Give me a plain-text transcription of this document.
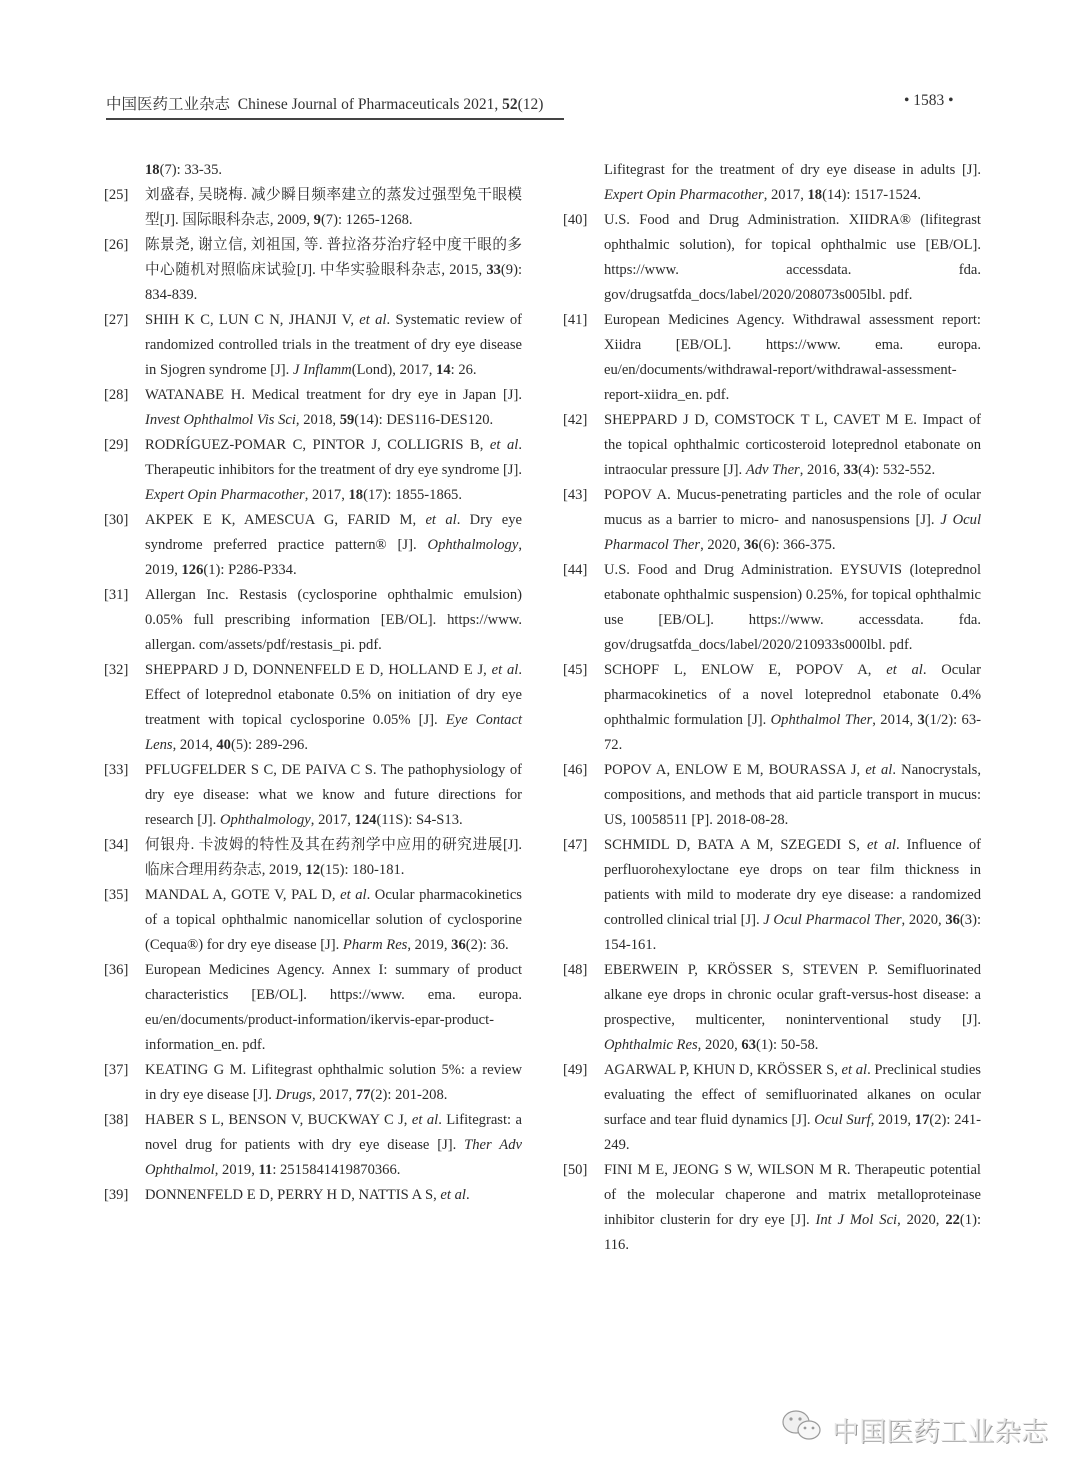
中国医药工业杂志 Chinese Journal of Pharmaceuticals 2021, 52(12)	• 1583 •
18(7): 33-35.
[25] 刘盛春, 吴晓梅. 减少瞬目频率建立的蒸发过强型兔干眼模型[J]. 国际眼科杂志, 2009, 9(7): 1265-1268.
[26] 陈景尧, 谢立信, 刘祖国, 等. 普拉洛芬治疗轻中度干眼的多中心随机对照临床试验[J]. 中华实验眼科杂志, 2015, 33(9): 834-839.
[27] SHIH K C, LUN C N, JHANJI V, et al. Systematic review of randomized controlled trials in the treatment of dry eye disease in Sjogren syndrome [J]. J Inflamm(Lond), 2017, 14: 26.
[28] WATANABE H. Medical treatment for dry eye in Japan [J]. Invest Ophthalmol Vis Sci, 2018, 59(14): DES116-DES120.
[29] RODRÍGUEZ-POMAR C, PINTOR J, COLLIGRIS B, et al. Therapeutic inhibitors for the treatment of dry eye syndrome [J]. Expert Opin Pharmacother, 2017, 18(17): 1855-1865.
[30] AKPEK E K, AMESCUA G, FARID M, et al. Dry eye syndrome preferred practice pattern® [J]. Ophthalmology, 2019, 126(1): P286-P334.
[31] Allergan Inc. Restasis (cyclosporine ophthalmic emulsion) 0.05% full prescribing information [EB/OL]. https://www. allergan. com/assets/pdf/restasis_pi. pdf.
[32] SHEPPARD J D, DONNENFELD E D, HOLLAND E J, et al. Effect of loteprednol etabonate 0.5% on initiation of dry eye treatment with topical cyclosporine 0.05% [J]. Eye Contact Lens, 2014, 40(5): 289-296.
[33] PFLUGFELDER S C, DE PAIVA C S. The pathophysiology of dry eye disease: what we know and future directions for research [J]. Ophthalmology, 2017, 124(11S): S4-S13.
[34] 何银舟. 卡波姆的特性及其在药剂学中应用的研究进展[J]. 临床合理用药杂志, 2019, 12(15): 180-181.
[35] MANDAL A, GOTE V, PAL D, et al. Ocular pharmacokinetics of a topical ophthalmic nanomicellar solution of cyclosporine (Cequa®) for dry eye disease [J]. Pharm Res, 2019, 36(2): 36.
[36] European Medicines Agency. Annex I: summary of product characteristics [EB/OL]. https://www. ema. europa. eu/en/documents/product-information/ikervis-epar-product-information_en. pdf.
[37] KEATING G M. Lifitegrast ophthalmic solution 5%: a review in dry eye disease [J]. Drugs, 2017, 77(2): 201-208.
[38] HABER S L, BENSON V, BUCKWAY C J, et al. Lifitegrast: a novel drug for patients with dry eye disease [J]. Ther Adv Ophthalmol, 2019, 11: 2515841419870366.
[39] DONNENFELD E D, PERRY H D, NATTIS A S, et al.
Lifitegrast for the treatment of dry eye disease in adults [J]. Expert Opin Pharmacother, 2017, 18(14): 1517-1524.
[40] U.S. Food and Drug Administration. XIIDRA® (lifitegrast ophthalmic solution), for topical ophthalmic use [EB/OL]. https://www. accessdata. fda. gov/drugsatfda_docs/label/2020/208073s005lbl. pdf.
[41] European Medicines Agency. Withdrawal assessment report: Xiidra [EB/OL]. https://www. ema. europa. eu/en/documents/withdrawal-report/withdrawal-assessment-report-xiidra_en. pdf.
[42] SHEPPARD J D, COMSTOCK T L, CAVET M E. Impact of the topical ophthalmic corticosteroid loteprednol etabonate on intraocular pressure [J]. Adv Ther, 2016, 33(4): 532-552.
[43] POPOV A. Mucus-penetrating particles and the role of ocular mucus as a barrier to micro- and nanosuspensions [J]. J Ocul Pharmacol Ther, 2020, 36(6): 366-375.
[44] U.S. Food and Drug Administration. EYSUVIS (loteprednol etabonate ophthalmic suspension) 0.25%, for topical ophthalmic use [EB/OL]. https://www. accessdata. fda. gov/drugsatfda_docs/label/2020/210933s000lbl. pdf.
[45] SCHOPF L, ENLOW E, POPOV A, et al. Ocular pharmacokinetics of a novel loteprednol etabonate 0.4% ophthalmic formulation [J]. Ophthalmol Ther, 2014, 3(1/2): 63-72.
[46] POPOV A, ENLOW E M, BOURASSA J, et al. Nanocrystals, compositions, and methods that aid particle transport in mucus: US, 10058511 [P]. 2018-08-28.
[47] SCHMIDL D, BATA A M, SZEGEDI S, et al. Influence of perfluorohexyloctane eye drops on tear film thickness in patients with mild to moderate dry eye disease: a randomized controlled clinical trial [J]. J Ocul Pharmacol Ther, 2020, 36(3): 154-161.
[48] EBERWEIN P, KRÖSSER S, STEVEN P. Semifluorinated alkane eye drops in chronic ocular graft-versus-host disease: a prospective, multicenter, noninterventional study [J]. Ophthalmic Res, 2020, 63(1): 50-58.
[49] AGARWAL P, KHUN D, KRÖSSER S, et al. Preclinical studies evaluating the effect of semifluorinated alkanes on ocular surface and tear fluid dynamics [J]. Ocul Surf, 2019, 17(2): 241-249.
[50] FINI M E, JEONG S W, WILSON M R. Therapeutic potential of the molecular chaperone and matrix metalloproteinase inhibitor clusterin for dry eye [J]. Int J Mol Sci, 2020, 22(1): 116.
中国医药工业杂志
